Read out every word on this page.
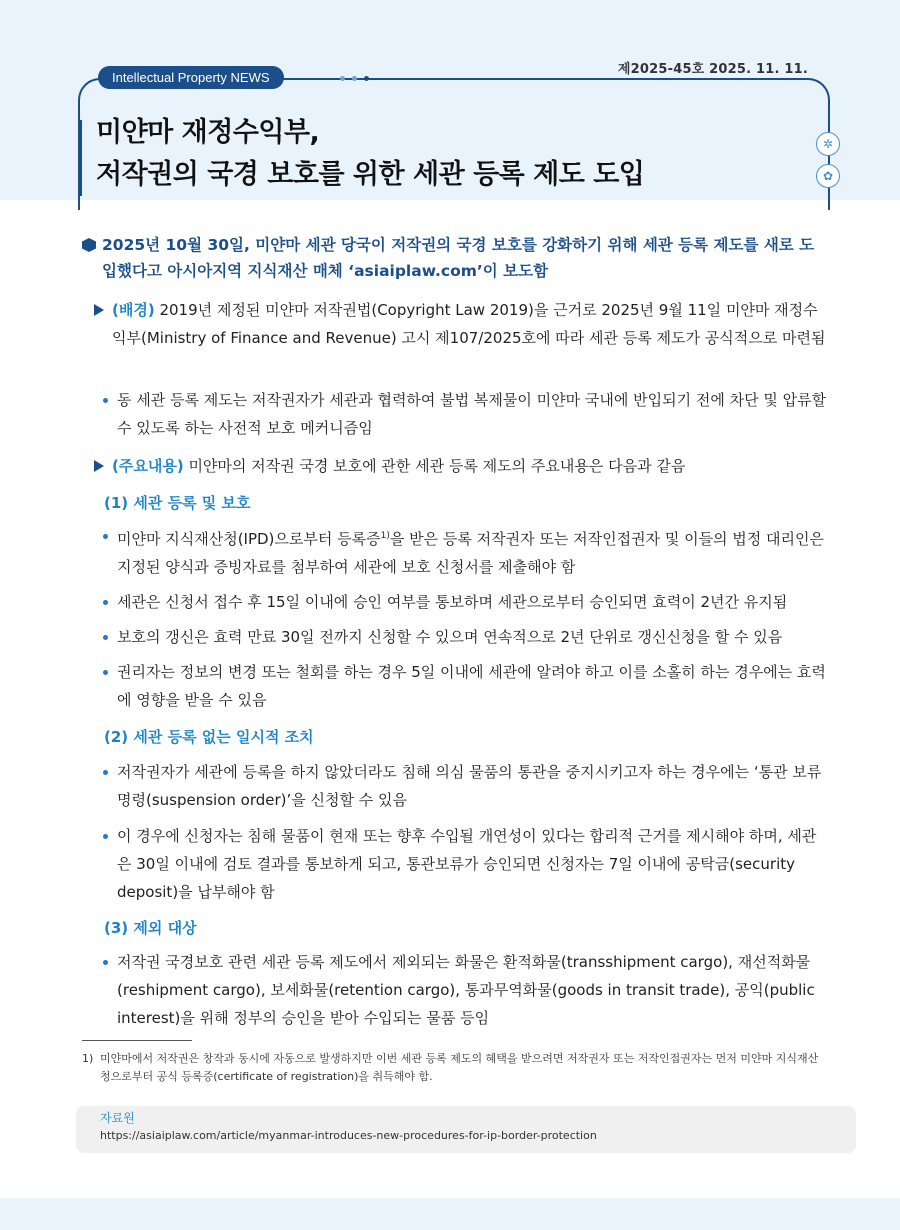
Intellectual Property NEWS
제2025-45호 2025. 11. 11.
미얀마 재정수익부,
저작권의 국경 보호를 위한 세관 등록 제도 도입
✲
✿
2025년 10월 30일, 미얀마 세관 당국이 저작권의 국경 보호를 강화하기 위해 세관 등록 제도를 새로 도입했다고 아시아지역 지식재산 매체 ‘asiaiplaw.com’이 보도함
(배경) 2019년 제정된 미얀마 저작권법(Copyright Law 2019)을 근거로 2025년 9월 11일 미얀마 재정수익부(Ministry of Finance and Revenue) 고시 제107/2025호에 따라 세관 등록 제도가 공식적으로 마련됨
동 세관 등록 제도는 저작권자가 세관과 협력하여 불법 복제물이 미얀마 국내에 반입되기 전에 차단 및 압류할 수 있도록 하는 사전적 보호 메커니즘임
(주요내용) 미얀마의 저작권 국경 보호에 관한 세관 등록 제도의 주요내용은 다음과 같음
(1) 세관 등록 및 보호
미얀마 지식재산청(IPD)으로부터 등록증$^{1)}$을 받은 등록 저작권자 또는 저작인접권자 및 이들의 법정 대리인은 지정된 양식과 증빙자료를 첨부하여 세관에 보호 신청서를 제출해야 함
세관은 신청서 접수 후 15일 이내에 승인 여부를 통보하며 세관으로부터 승인되면 효력이 2년간 유지됨
보호의 갱신은 효력 만료 30일 전까지 신청할 수 있으며 연속적으로 2년 단위로 갱신신청을 할 수 있음
권리자는 정보의 변경 또는 철회를 하는 경우 5일 이내에 세관에 알려야 하고 이를 소홀히 하는 경우에는 효력에 영향을 받을 수 있음
(2) 세관 등록 없는 일시적 조치
저작권자가 세관에 등록을 하지 않았더라도 침해 의심 물품의 통관을 중지시키고자 하는 경우에는 ‘통관 보류 명령(suspension order)’을 신청할 수 있음
이 경우에 신청자는 침해 물품이 현재 또는 향후 수입될 개연성이 있다는 합리적 근거를 제시해야 하며, 세관은 30일 이내에 검토 결과를 통보하게 되고, 통관보류가 승인되면 신청자는 7일 이내에 공탁금(security deposit)을 납부해야 함
(3) 제외 대상
저작권 국경보호 관련 세관 등록 제도에서 제외되는 화물은 환적화물(transshipment cargo), 재선적화물(reshipment cargo), 보세화물(retention cargo), 통과무역화물(goods in transit trade), 공익(public interest)을 위해 정부의 승인을 받아 수입되는 물품 등임
1) 미얀마에서 저작권은 창작과 동시에 자동으로 발생하지만 이번 세관 등록 제도의 혜택을 받으려면 저작권자 또는 저작인접권자는 먼저 미얀마 지식재산청으로부터 공식 등록증(certificate of registration)을 취득해야 함.
자료원
https://asiaiplaw.com/article/myanmar-introduces-new-procedures-for-ip-border-protection
